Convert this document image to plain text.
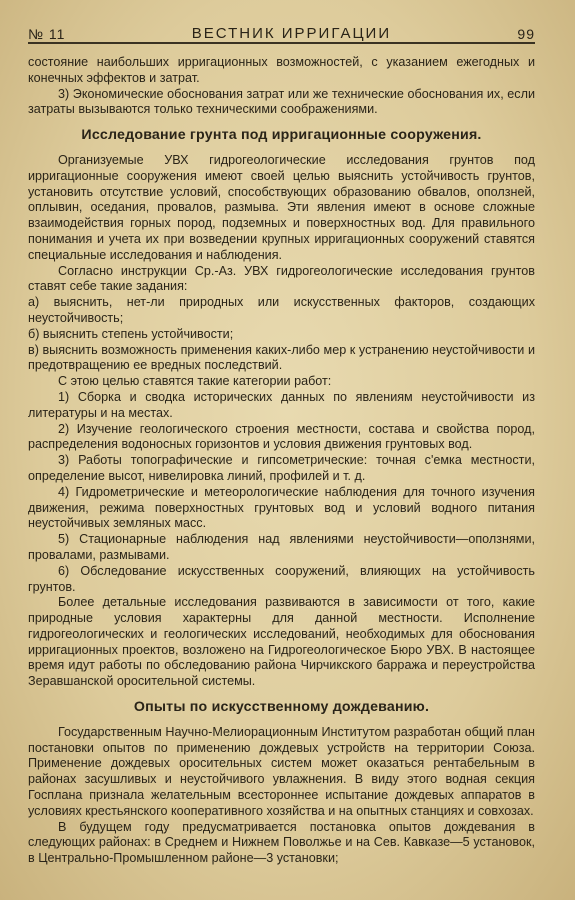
№ 11	ВЕСТНИК ИРРИГАЦИИ	99

состояние наибольших ирригационных возможностей, с указанием ежегодных и конечных эффектов и затрат.

3) Экономические обоснования затрат или же технические обоснования их, если затраты вызываются только техническими соображениями.

Исследование грунта под ирригационные сооружения.

Организуемые УВХ гидрогеологические исследования грунтов под ирригационные сооружения имеют своей целью выяснить устойчивость грунтов, установить отсутствие условий, способствующих образованию обвалов, оползней, оплывин, оседания, провалов, размыва. Эти явления имеют в основе сложные взаимодействия горных пород, подземных и поверхностных вод. Для правильного понимания и учета их при возведении крупных ирригационных сооружений ставятся специальные исследования и наблюдения.

Согласно инструкции Ср.-Аз. УВХ гидрогеологические исследования грунтов ставят себе такие задания:

а) выяснить, нет-ли природных или искусственных факторов, создающих неустойчивость;

б) выяснить степень устойчивости;

в) выяснить возможность применения каких-либо мер к устранению неустойчивости и предотвращению ее вредных последствий.

С этою целью ставятся такие категории работ:

1) Сборка и сводка исторических данных по явлениям неустойчивости из литературы и на местах.

2) Изучение геологического строения местности, состава и свойства пород, распределения водоносных горизонтов и условия движения грунтовых вод.

3) Работы топографические и гипсометрические: точная с'емка местности, определение высот, нивелировка линий, профилей и т. д.

4) Гидрометрические и метеорологические наблюдения для точного изучения движения, режима поверхностных грунтовых вод и условий водного питания неустойчивых земляных масс.

5) Стационарные наблюдения над явлениями неустойчивости—оползнями, провалами, размывами.

6) Обследование искусственных сооружений, влияющих на устойчивость грунтов.

Более детальные исследования развиваются в зависимости от того, какие природные условия характерны для данной местности. Исполнение гидрогеологических и геологических исследований, необходимых для обоснования ирригационных проектов, возложено на Гидрогеологическое Бюро УВХ. В настоящее время идут работы по обследованию района Чирчикского барража и переустройства Зеравшанской оросительной системы.

Опыты по искусственному дождеванию.

Государственным Научно-Мелиорационным Институтом разработан общий план постановки опытов по применению дождевых устройств на территории Союза. Применение дождевых оросительных систем может оказаться рентабельным в районах засушливых и неустойчивого увлажнения. В виду этого водная секция Госплана признала желательным всестороннее испытание дождевых аппаратов в условиях крестьянского кооперативного хозяйства и на опытных станциях и совхозах.

В будущем году предусматривается постановка опытов дождевания в следующих районах: в Среднем и Нижнем Поволжье и на Сев. Кавказе—5 установок, в Центрально-Промышленном районе—3 установки;
